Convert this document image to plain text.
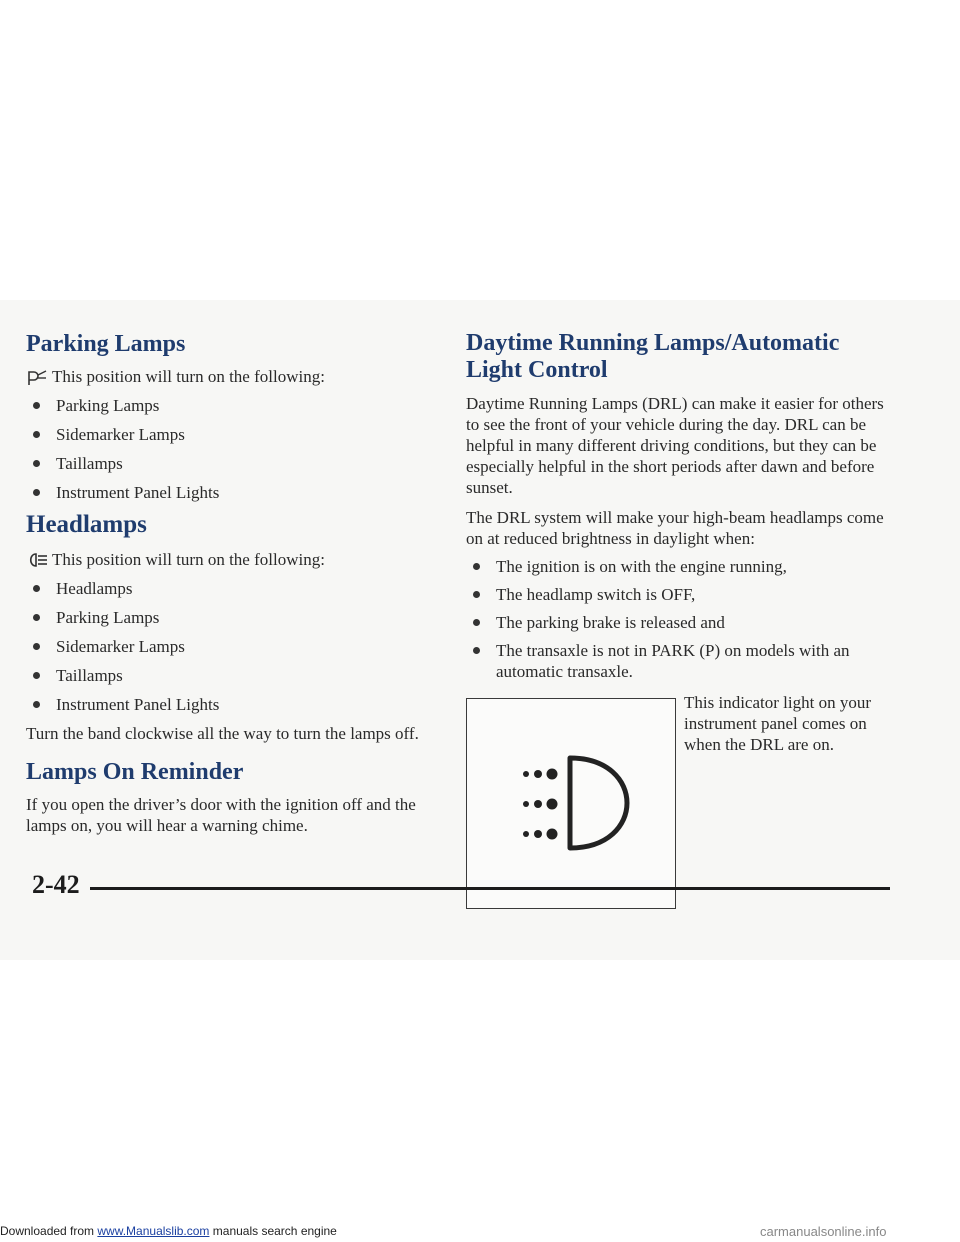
Parking Lamps

This position will turn on the following:

Parking Lamps
Sidemarker Lamps
Taillamps
Instrument Panel Lights
Headlamps

This position will turn on the following:

Headlamps
Parking Lamps
Sidemarker Lamps
Taillamps
Instrument Panel Lights

Turn the band clockwise all the way to turn the lamps off.

Lamps On Reminder

If you open the driver’s door with the ignition off and the lamps on, you will hear a warning chime.

Daytime Running Lamps/Automatic
Light Control

Daytime Running Lamps (DRL) can make it easier for others to see the front of your vehicle during the day. DRL can be helpful in many different driving conditions, but they can be especially helpful in the short periods after dawn and before sunset.

The DRL system will make your high-beam headlamps come on at reduced brightness in daylight when:

The ignition is on with the engine running,
The headlamp switch is OFF,
The parking brake is released and
The transaxle is not in PARK (P) on models with an automatic transaxle.

This indicator light on your instrument panel comes on when the DRL are on.

2-42
Downloaded from www.Manualslib.com manuals search engine	carmanualsonline.info
